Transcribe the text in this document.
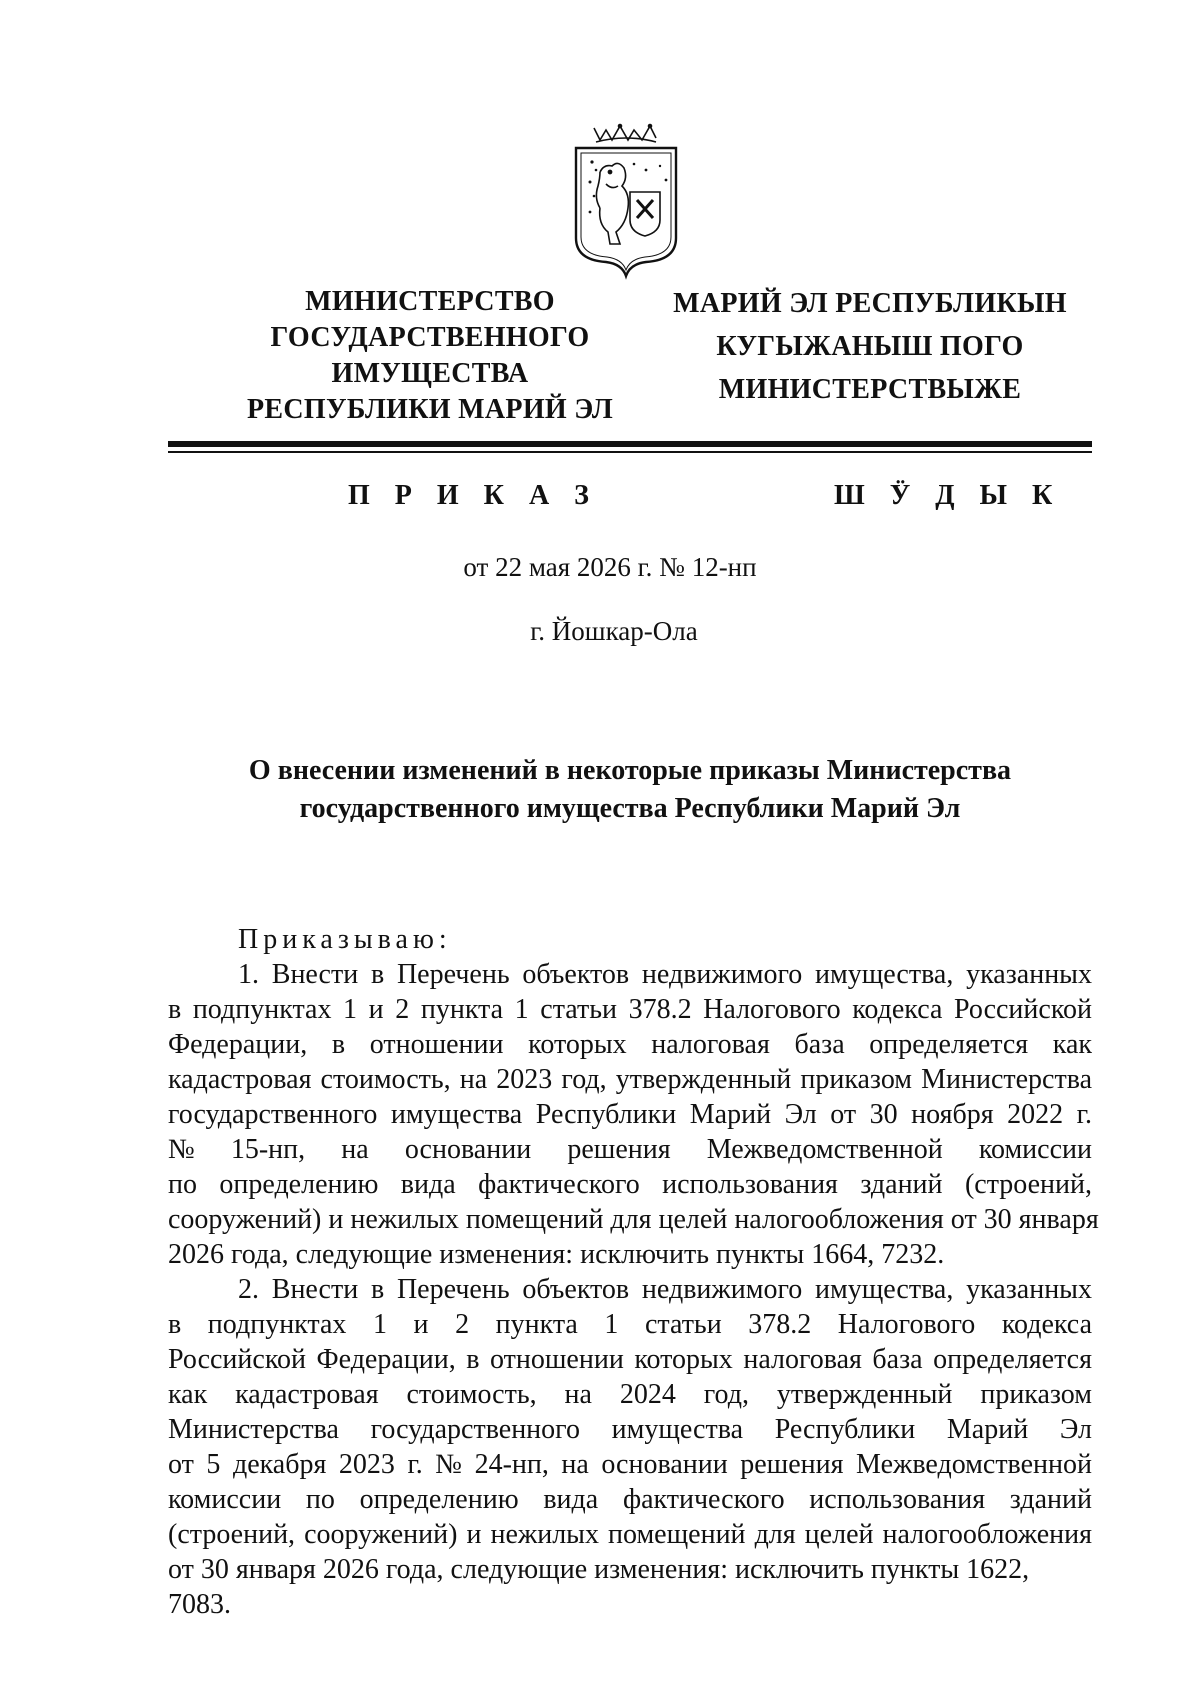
МИНИСТЕРСТВО
ГОСУДАРСТВЕННОГО
ИМУЩЕСТВА
РЕСПУБЛИКИ МАРИЙ ЭЛ
МАРИЙ ЭЛ РЕСПУБЛИКЫН
КУГЫЖАНЫШ ПОГО
МИНИСТЕРСТВЫЖЕ
П Р И К А З	Ш Ӱ Д Ы К
от 22 мая 2026 г. № 12-нп
г. Йошкар-Ола
О внесении изменений в некоторые приказы Министерства
государственного имущества Республики Марий Эл
Приказываю:
1. Внести в Перечень объектов недвижимого имущества, указанных
в подпунктах 1 и 2 пункта 1 статьи 378.2 Налогового кодекса Российской
Федерации, в отношении которых налоговая база определяется как
кадастровая стоимость, на 2023 год, утвержденный приказом Министерства
государственного имущества Республики Марий Эл от 30 ноября 2022 г.
№ 15-нп, на основании решения Межведомственной комиссии
по определению вида фактического использования зданий (строений,
сооружений) и нежилых помещений для целей налогообложения от 30 января
2026 года, следующие изменения: исключить пункты 1664, 7232.
2. Внести в Перечень объектов недвижимого имущества, указанных
в подпунктах 1 и 2 пункта 1 статьи 378.2 Налогового кодекса
Российской Федерации, в отношении которых налоговая база определяется
как кадастровая стоимость, на 2024 год, утвержденный приказом
Министерства государственного имущества Республики Марий Эл
от 5 декабря 2023 г. № 24-нп, на основании решения Межведомственной
комиссии по определению вида фактического использования зданий
(строений, сооружений) и нежилых помещений для целей налогообложения
от 30 января 2026 года, следующие изменения: исключить пункты 1622, 7083.
